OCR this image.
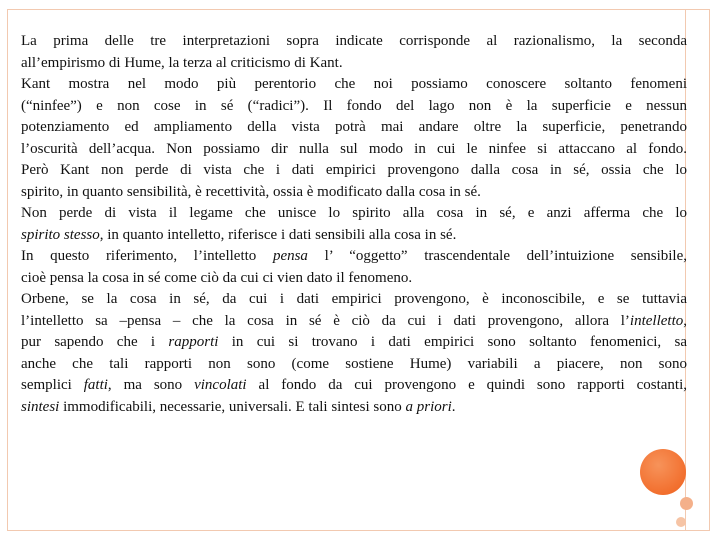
La prima delle tre interpretazioni sopra indicate corrisponde al razionalismo, la seconda
all’empirismo di Hume, la terza al criticismo di Kant.
Kant mostra nel modo più perentorio che noi possiamo conoscere soltanto fenomeni
(“ninfee”) e non cose in sé (“radici”). Il fondo del lago non è la superficie e nessun
potenziamento ed ampliamento della vista potrà mai andare oltre la superficie, penetrando
l’oscurità dell’acqua. Non possiamo dir nulla sul modo in cui le ninfee si attaccano al fondo.
Però Kant non perde di vista che i dati empirici provengono dalla cosa in sé, ossia che lo
spirito, in quanto sensibilità, è recettività, ossia è modificato dalla cosa in sé.
Non perde di vista il legame che unisce lo spirito alla cosa in sé, e anzi afferma che lo
spirito stesso, in quanto intelletto, riferisce i dati sensibili alla cosa in sé.
In questo riferimento, l’intelletto pensa l’ “oggetto” trascendentale dell’intuizione sensibile,
cioè pensa la cosa in sé come ciò da cui ci vien dato il fenomeno.
Orbene, se la cosa in sé, da cui i dati empirici provengono, è inconoscibile, e se tuttavia
l’intelletto sa –pensa – che la cosa in sé è ciò da cui i dati provengono, allora l’intelletto,
pur sapendo che i rapporti in cui si trovano i dati empirici sono soltanto fenomenici, sa
anche che tali rapporti non sono (come sostiene Hume) variabili a piacere, non sono
semplici fatti, ma sono vincolati al fondo da cui provengono e quindi sono rapporti costanti,
sintesi immodificabili, necessarie, universali. E tali sintesi sono a priori.
